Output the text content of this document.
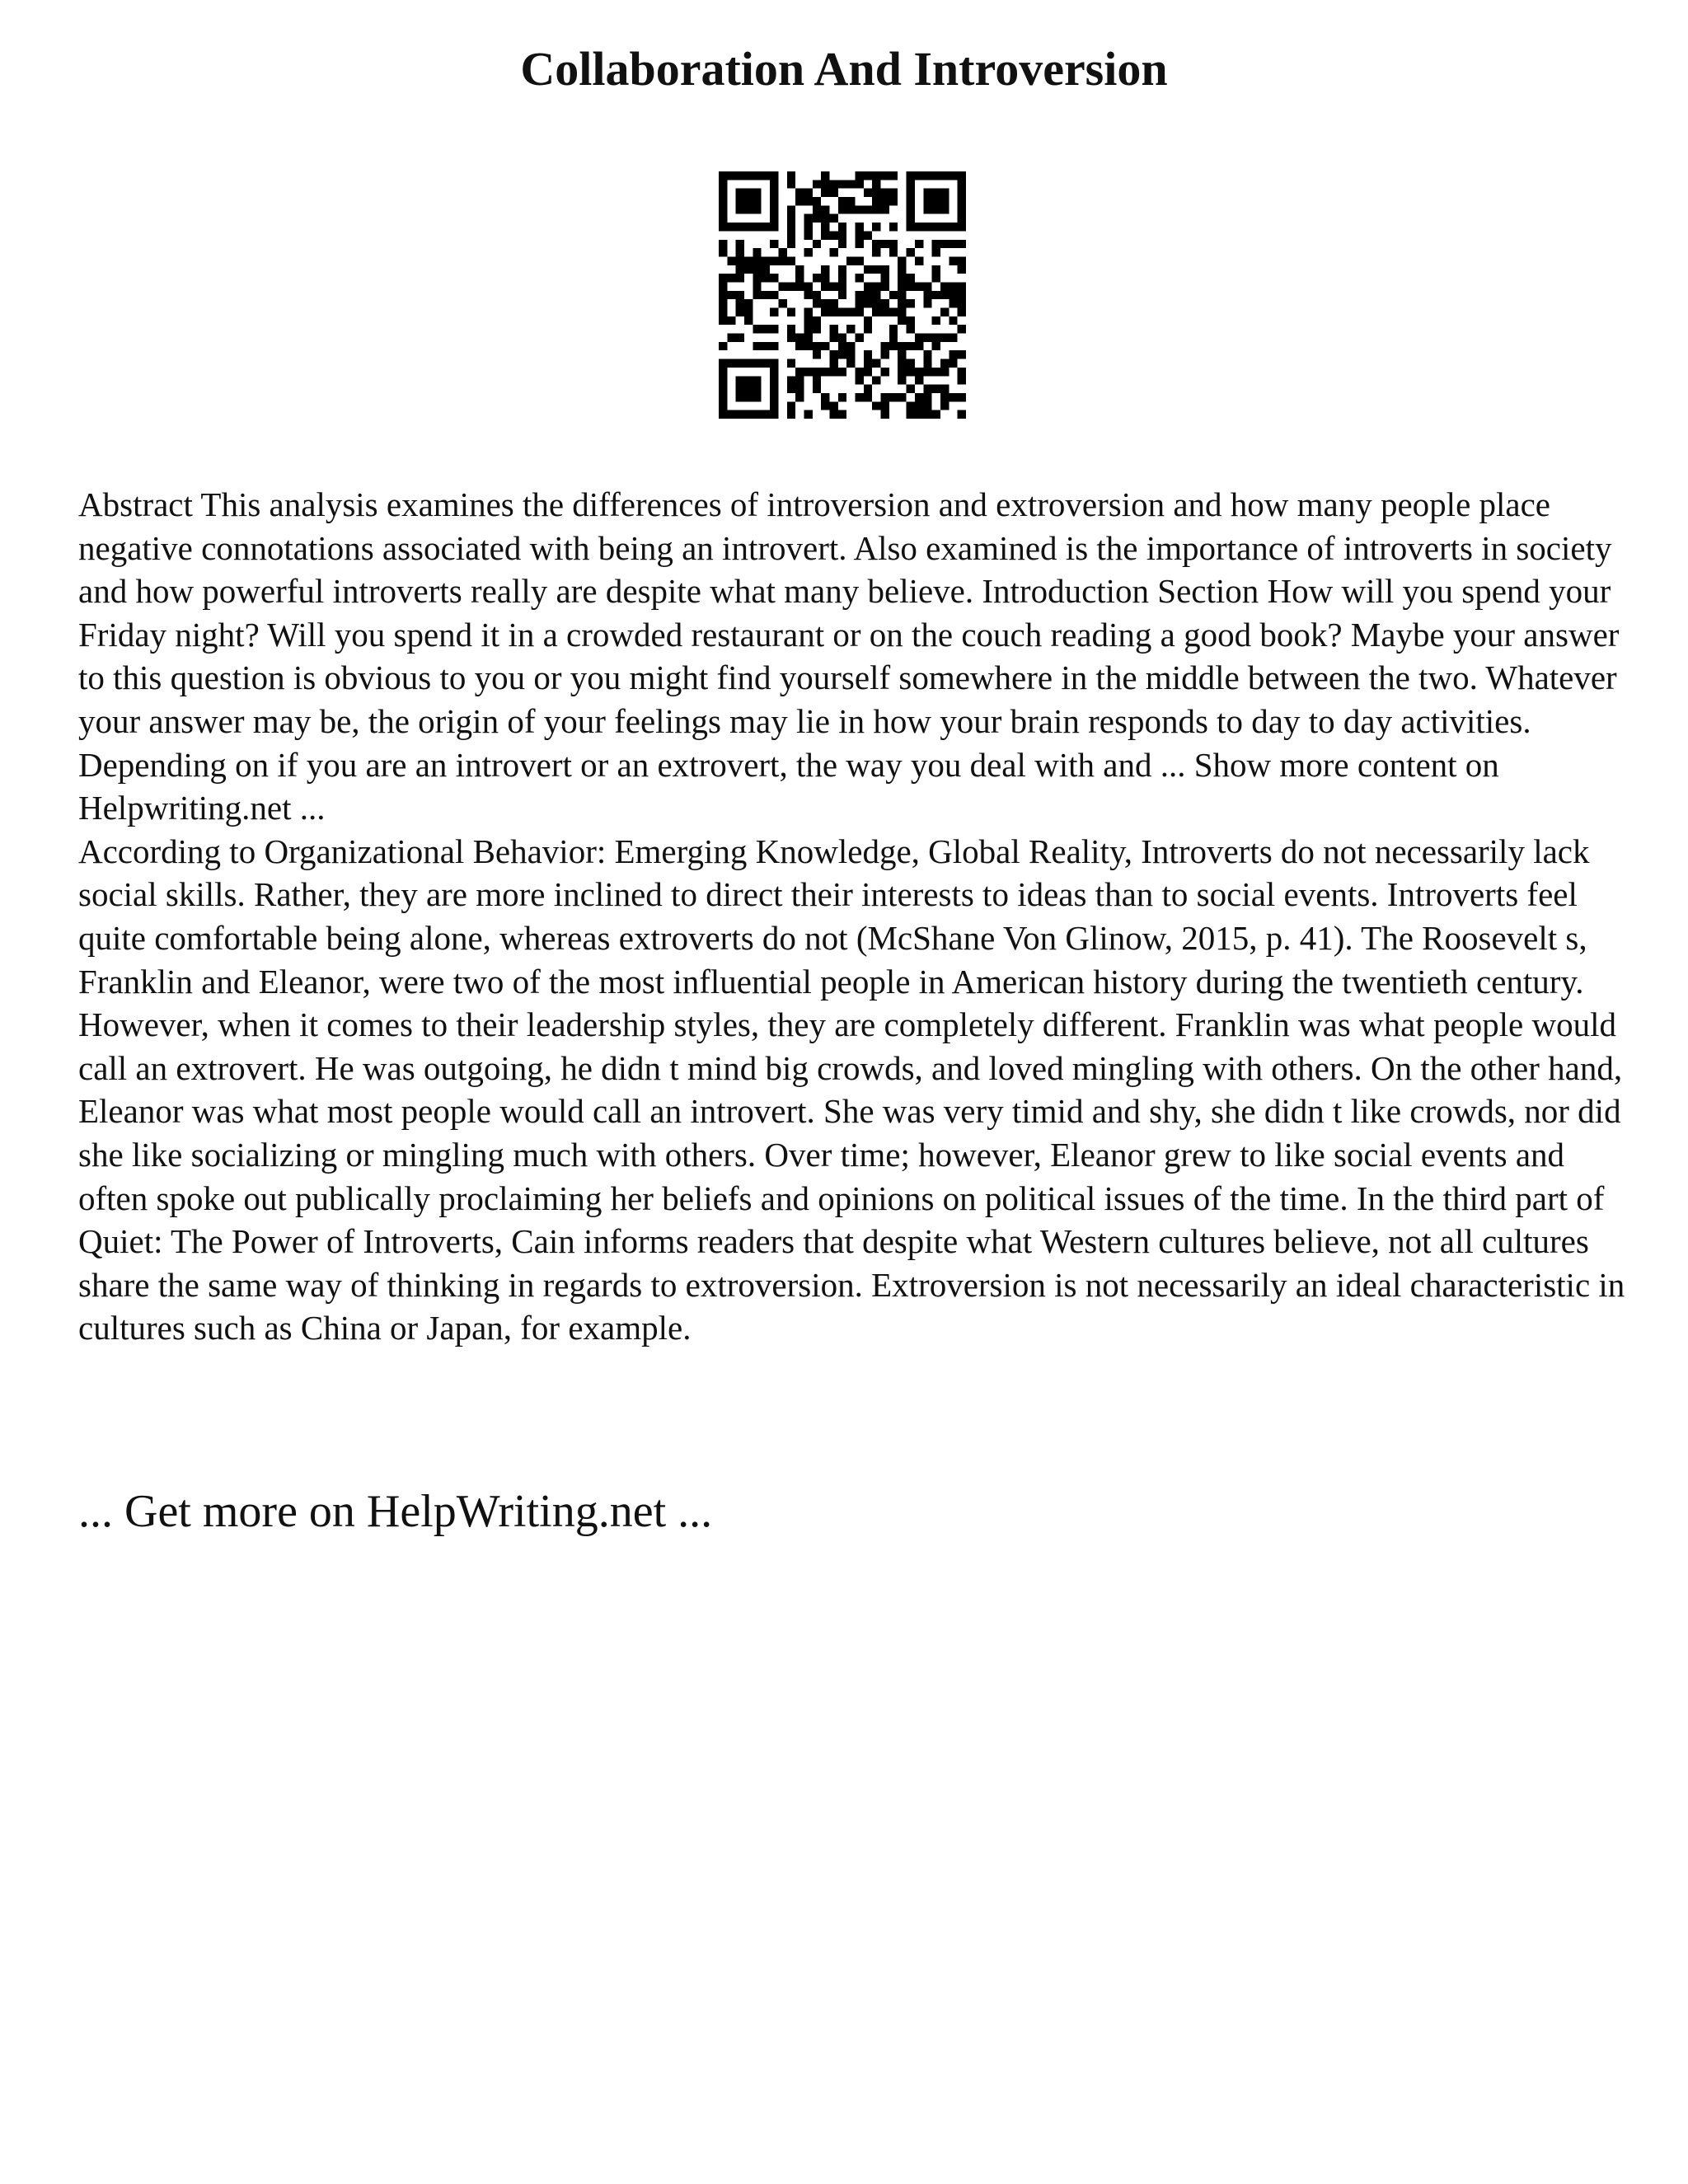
Collaboration And Introversion

Abstract This analysis examines the differences of introversion and extroversion and how many people place negative connotations associated with being an introvert. Also examined is the importance of introverts in society and how powerful introverts really are despite what many believe. Introduction Section How will you spend your Friday night? Will you spend it in a crowded restaurant or on the couch reading a good book? Maybe your answer to this question is obvious to you or you might find yourself somewhere in the middle between the two. Whatever your answer may be, the origin of your feelings may lie in how your brain responds to day to day activities. Depending on if you are an introvert or an extrovert, the way you deal with and ... Show more content on Helpwriting.net ...

According to Organizational Behavior: Emerging Knowledge, Global Reality, Introverts do not necessarily lack social skills. Rather, they are more inclined to direct their interests to ideas than to social events. Introverts feel quite comfortable being alone, whereas extroverts do not (McShane Von Glinow, 2015, p. 41). The Roosevelt s, Franklin and Eleanor, were two of the most influential people in American history during the twentieth century. However, when it comes to their leadership styles, they are completely different. Franklin was what people would call an extrovert. He was outgoing, he didn t mind big crowds, and loved mingling with others. On the other hand, Eleanor was what most people would call an introvert. She was very timid and shy, she didn t like crowds, nor did she like socializing or mingling much with others. Over time; however, Eleanor grew to like social events and often spoke out publically proclaiming her beliefs and opinions on political issues of the time. In the third part of Quiet: The Power of Introverts, Cain informs readers that despite what Western cultures believe, not all cultures share the same way of thinking in regards to extroversion. Extroversion is not necessarily an ideal characteristic in cultures such as China or Japan, for example.

... Get more on HelpWriting.net ...
